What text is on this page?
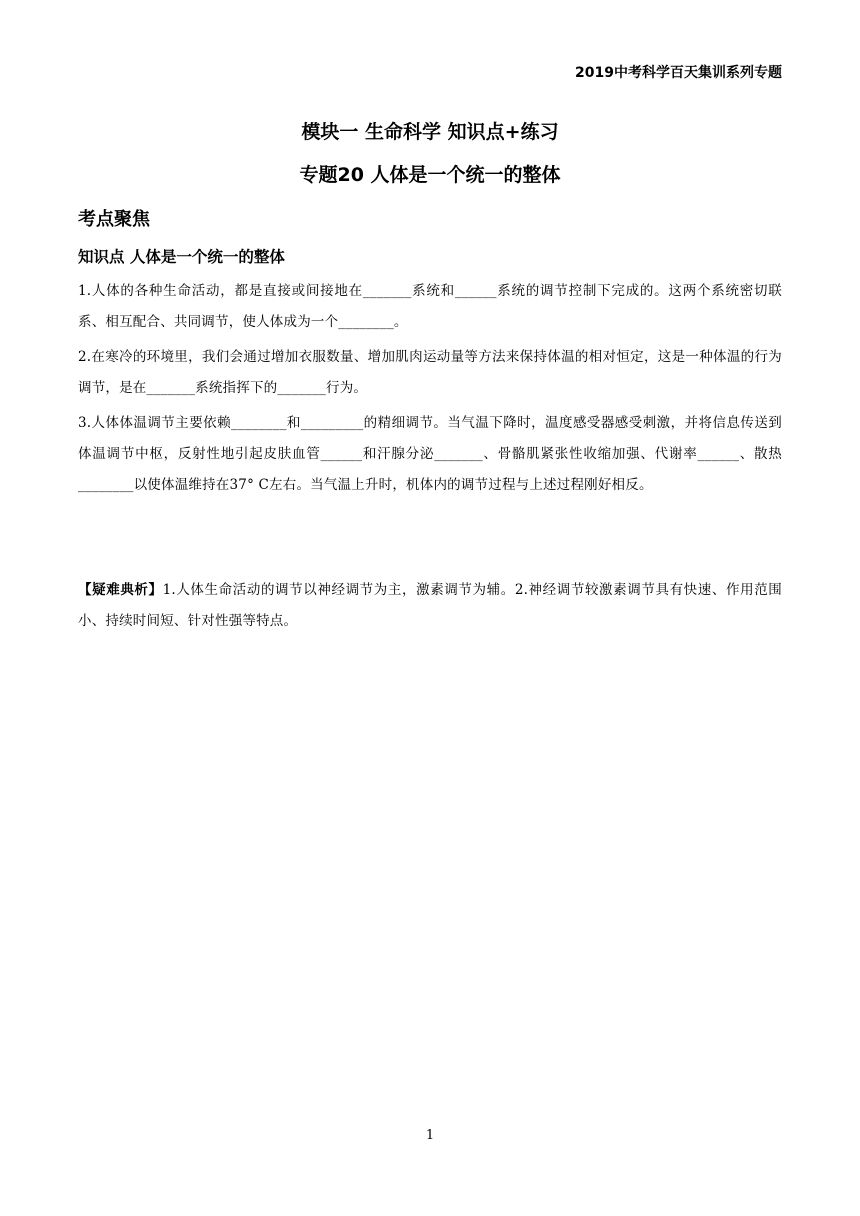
2019中考科学百天集训系列专题
模块一 生命科学 知识点+练习
专题20 人体是一个统一的整体
考点聚焦
知识点 人体是一个统一的整体

1.人体的各种生命活动，都是直接或间接地在_______系统和______系统的调节控制下完成的。这两个系统密切联系、相互配合、共同调节，使人体成为一个________。

2.在寒冷的环境里，我们会通过增加衣服数量、增加肌肉运动量等方法来保持体温的相对恒定，这是一种体温的行为调节，是在_______系统指挥下的_______行为。

3.人体体温调节主要依赖________和_________的精细调节。当气温下降时，温度感受器感受刺激，并将信息传送到体温调节中枢，反射性地引起皮肤血管______和汗腺分泌_______、骨骼肌紧张性收缩加强、代谢率______、散热________以使体温维持在37° C左右。当气温上升时，机体内的调节过程与上述过程刚好相反。

【疑难典析】1.人体生命活动的调节以神经调节为主，激素调节为辅。2.神经调节较激素调节具有快速、作用范围小、持续时间短、针对性强等特点。

1
